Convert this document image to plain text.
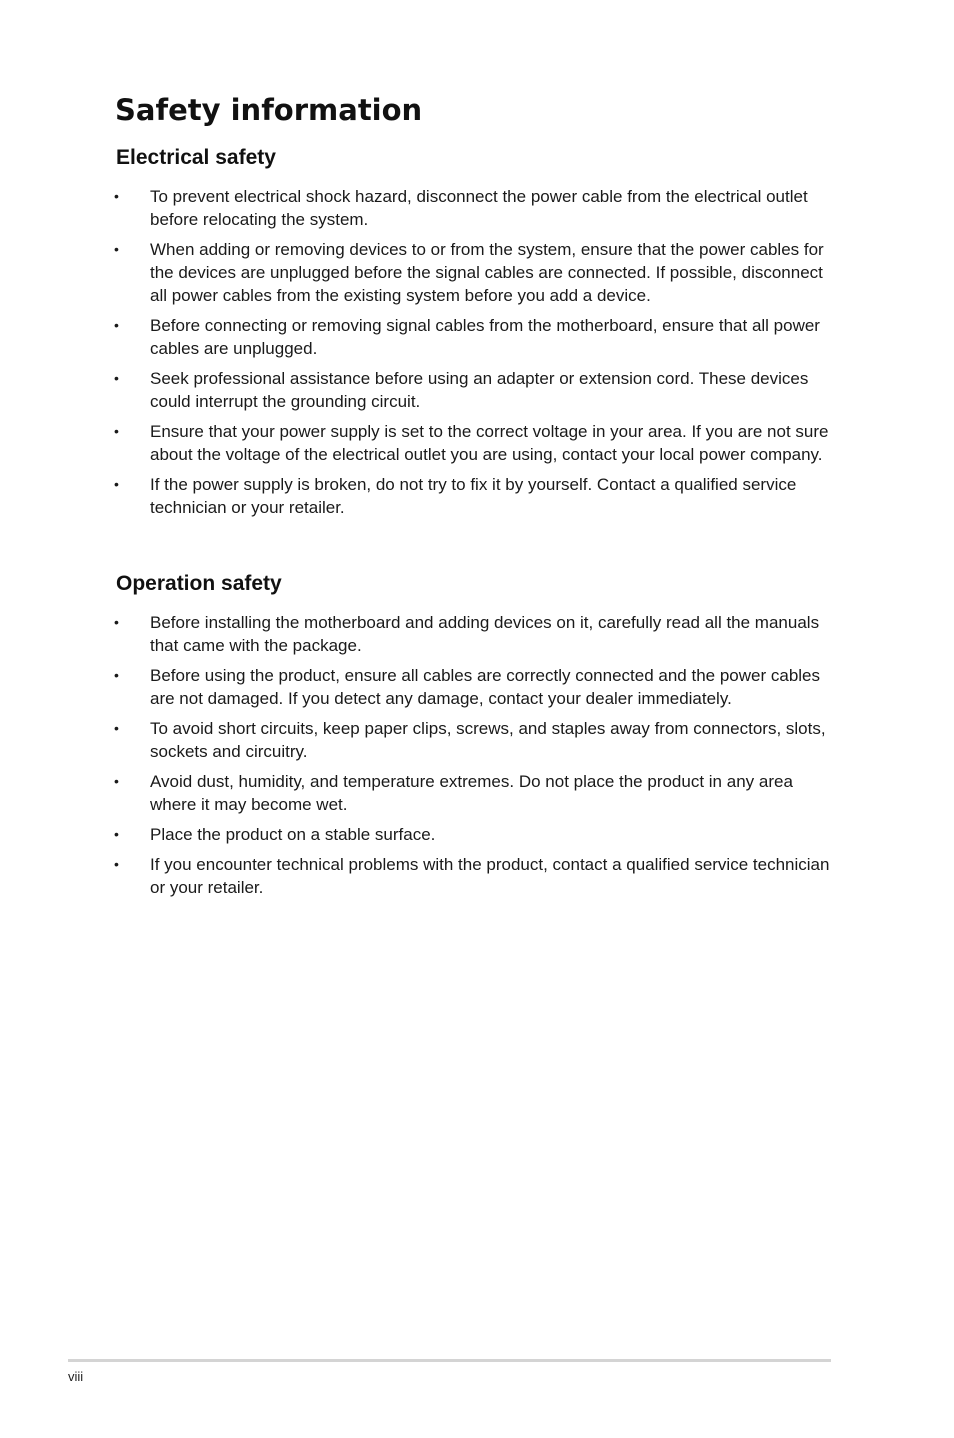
Safety information
Electrical safety
• To prevent electrical shock hazard, disconnect the power cable from the electrical outlet before relocating the system.
• When adding or removing devices to or from the system, ensure that the power cables for the devices are unplugged before the signal cables are connected. If possible, disconnect all power cables from the existing system before you add a device.
• Before connecting or removing signal cables from the motherboard, ensure that all power cables are unplugged.
• Seek professional assistance before using an adapter or extension cord. These devices could interrupt the grounding circuit.
• Ensure that your power supply is set to the correct voltage in your area. If you are not sure about the voltage of the electrical outlet you are using, contact your local power company.
• If the power supply is broken, do not try to fix it by yourself. Contact a qualified service technician or your retailer.
Operation safety
• Before installing the motherboard and adding devices on it, carefully read all the manuals that came with the package.
• Before using the product, ensure all cables are correctly connected and the power cables are not damaged. If you detect any damage, contact your dealer immediately.
• To avoid short circuits, keep paper clips, screws, and staples away from connectors, slots, sockets and circuitry.
• Avoid dust, humidity, and temperature extremes. Do not place the product in any area where it may become wet.
• Place the product on a stable surface.
• If you encounter technical problems with the product, contact a qualified service technician or your retailer.
viii
